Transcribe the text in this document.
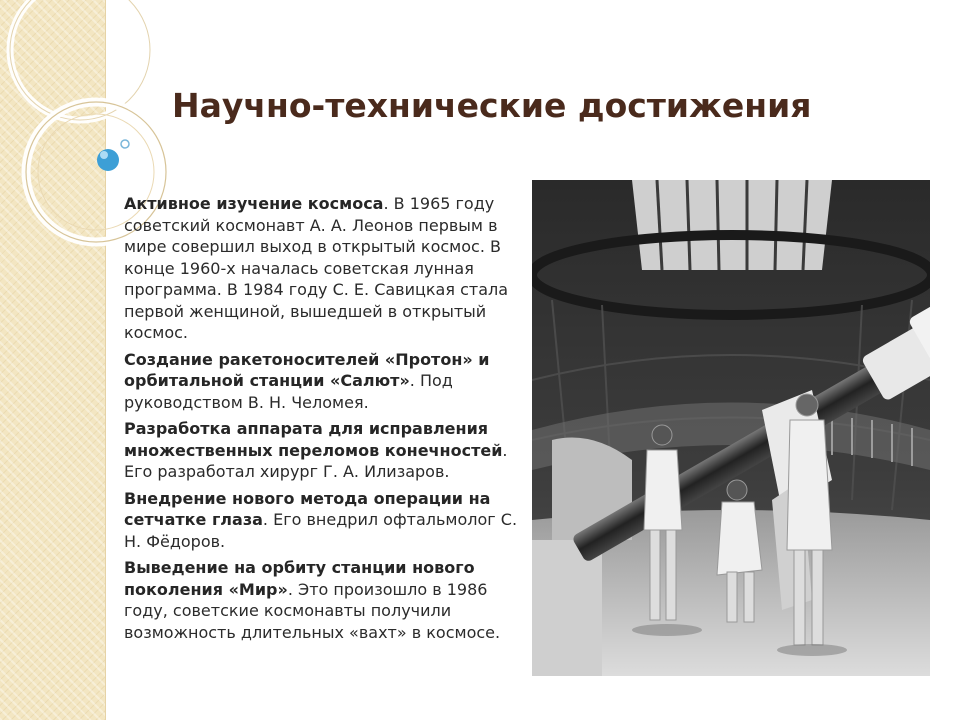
Научно-технические достижения

Активное изучение космоса. В 1965 году советский космонавт А. А. Леонов первым в мире совершил выход в открытый космос. В конце 1960-х началась советская лунная программа. В 1984 году С. Е. Савицкая стала первой женщиной, вышедшей в открытый космос.

Создание ракетоносителей «Протон» и орбитальной станции «Салют». Под руководством В. Н. Челомея.

Разработка аппарата для исправления множественных переломов конечностей. Его разработал хирург Г. А. Илизаров.

Внедрение нового метода операции на сетчатке глаза. Его внедрил офтальмолог С. Н. Фёдоров.

Выведение на орбиту станции нового поколения «Мир». Это произошло в 1986 году, советские космонавты получили возможность длительных «вахт» в космосе.
